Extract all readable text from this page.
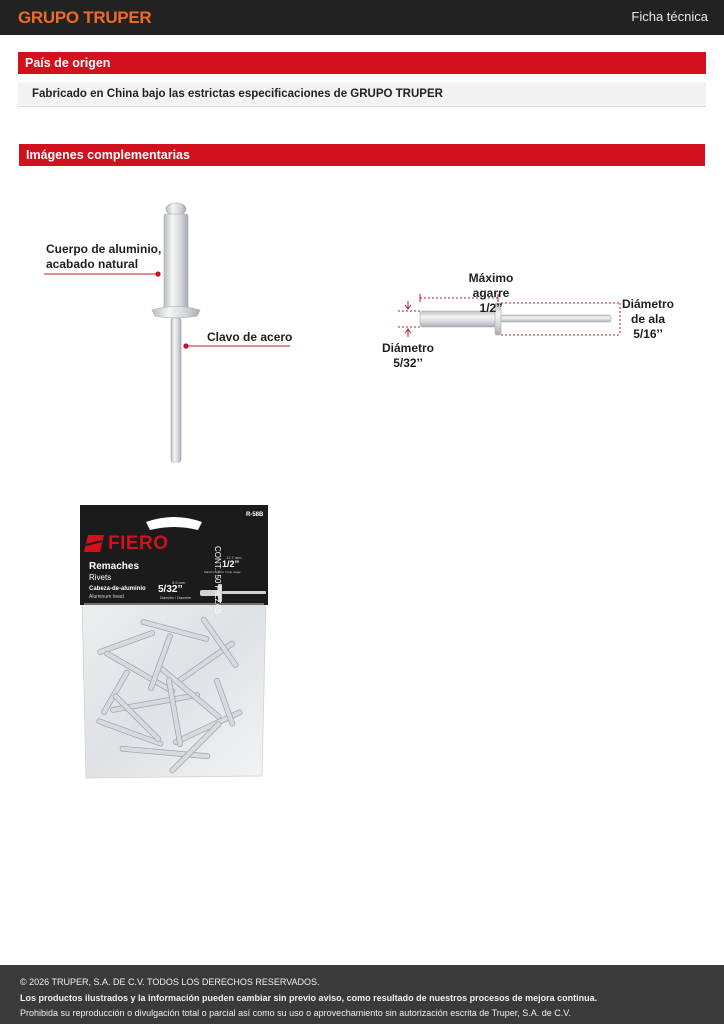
GRUPO TRUPER	Ficha técnica
País de origen
Fabricado en China bajo las estrictas especificaciones de GRUPO TRUPER
Imágenes complementarias
Cuerpo de aluminio,
acabado natural
Clavo de acero
Máximo agarre
1/2’’	Diámetro
de ala
5/16’’
Diámetro
5/32’’
R-58B
FIERO
Remaches
Rivets
Cabeza-de-aluminio
Aluminum head
12.7 mm
1/2’’
Máximo agarre / Grip range
3.9 mm
5/32’’
Diámetro / Diameter	CONT.: 50 PIEZAS
© 2026 TRUPER, S.A. DE C.V. TODOS LOS DERECHOS RESERVADOS.
Los productos ilustrados y la información pueden cambiar sin previo aviso, como resultado de nuestros procesos de mejora continua.
Prohibida su reproducción o divulgación total o parcial así como su uso o aprovechamiento sin autorización escrita de Truper, S.A. de C.V.
